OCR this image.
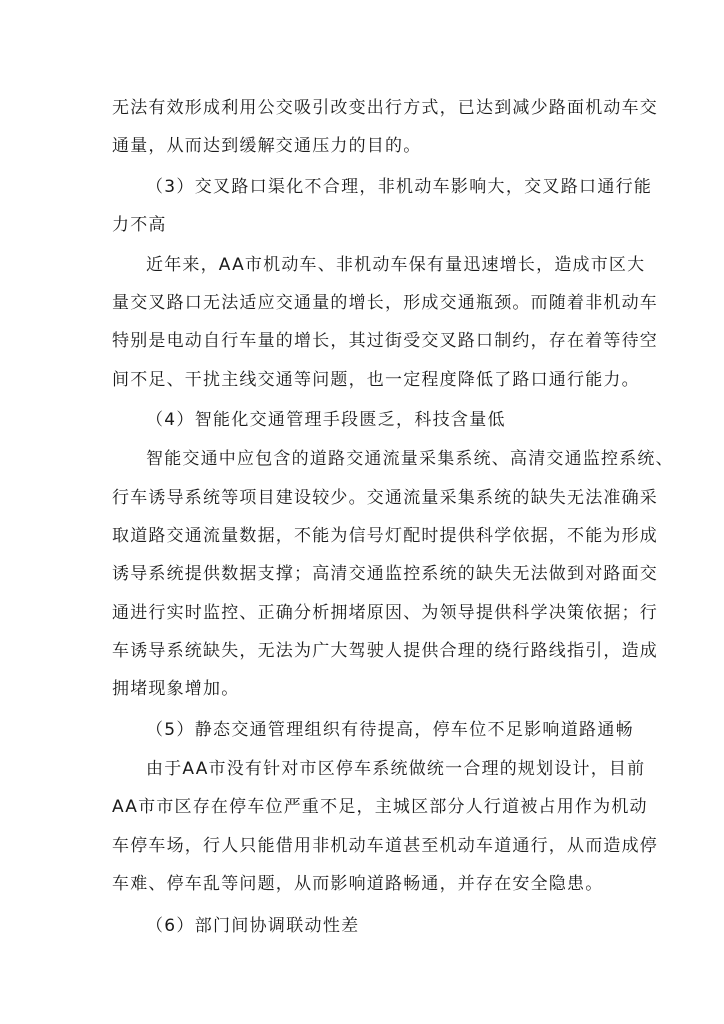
无法有效形成利用公交吸引改变出行方式，已达到减少路面机动车交

通量，从而达到缓解交通压力的目的。

（3）交叉路口渠化不合理，非机动车影响大，交叉路口通行能

力不高

近年来，AA市机动车、非机动车保有量迅速增长，造成市区大

量交叉路口无法适应交通量的增长，形成交通瓶颈。而随着非机动车

特别是电动自行车量的增长，其过街受交叉路口制约，存在着等待空

间不足、干扰主线交通等问题，也一定程度降低了路口通行能力。

（4）智能化交通管理手段匮乏，科技含量低

智能交通中应包含的道路交通流量采集系统、高清交通监控系统、

行车诱导系统等项目建设较少。交通流量采集系统的缺失无法准确采

取道路交通流量数据，不能为信号灯配时提供科学依据，不能为形成

诱导系统提供数据支撑；高清交通监控系统的缺失无法做到对路面交

通进行实时监控、正确分析拥堵原因、为领导提供科学决策依据；行

车诱导系统缺失，无法为广大驾驶人提供合理的绕行路线指引，造成

拥堵现象增加。

（5）静态交通管理组织有待提高，停车位不足影响道路通畅

由于AA市没有针对市区停车系统做统一合理的规划设计，目前

AA市市区存在停车位严重不足，主城区部分人行道被占用作为机动

车停车场，行人只能借用非机动车道甚至机动车道通行，从而造成停

车难、停车乱等问题，从而影响道路畅通，并存在安全隐患。

（6）部门间协调联动性差
